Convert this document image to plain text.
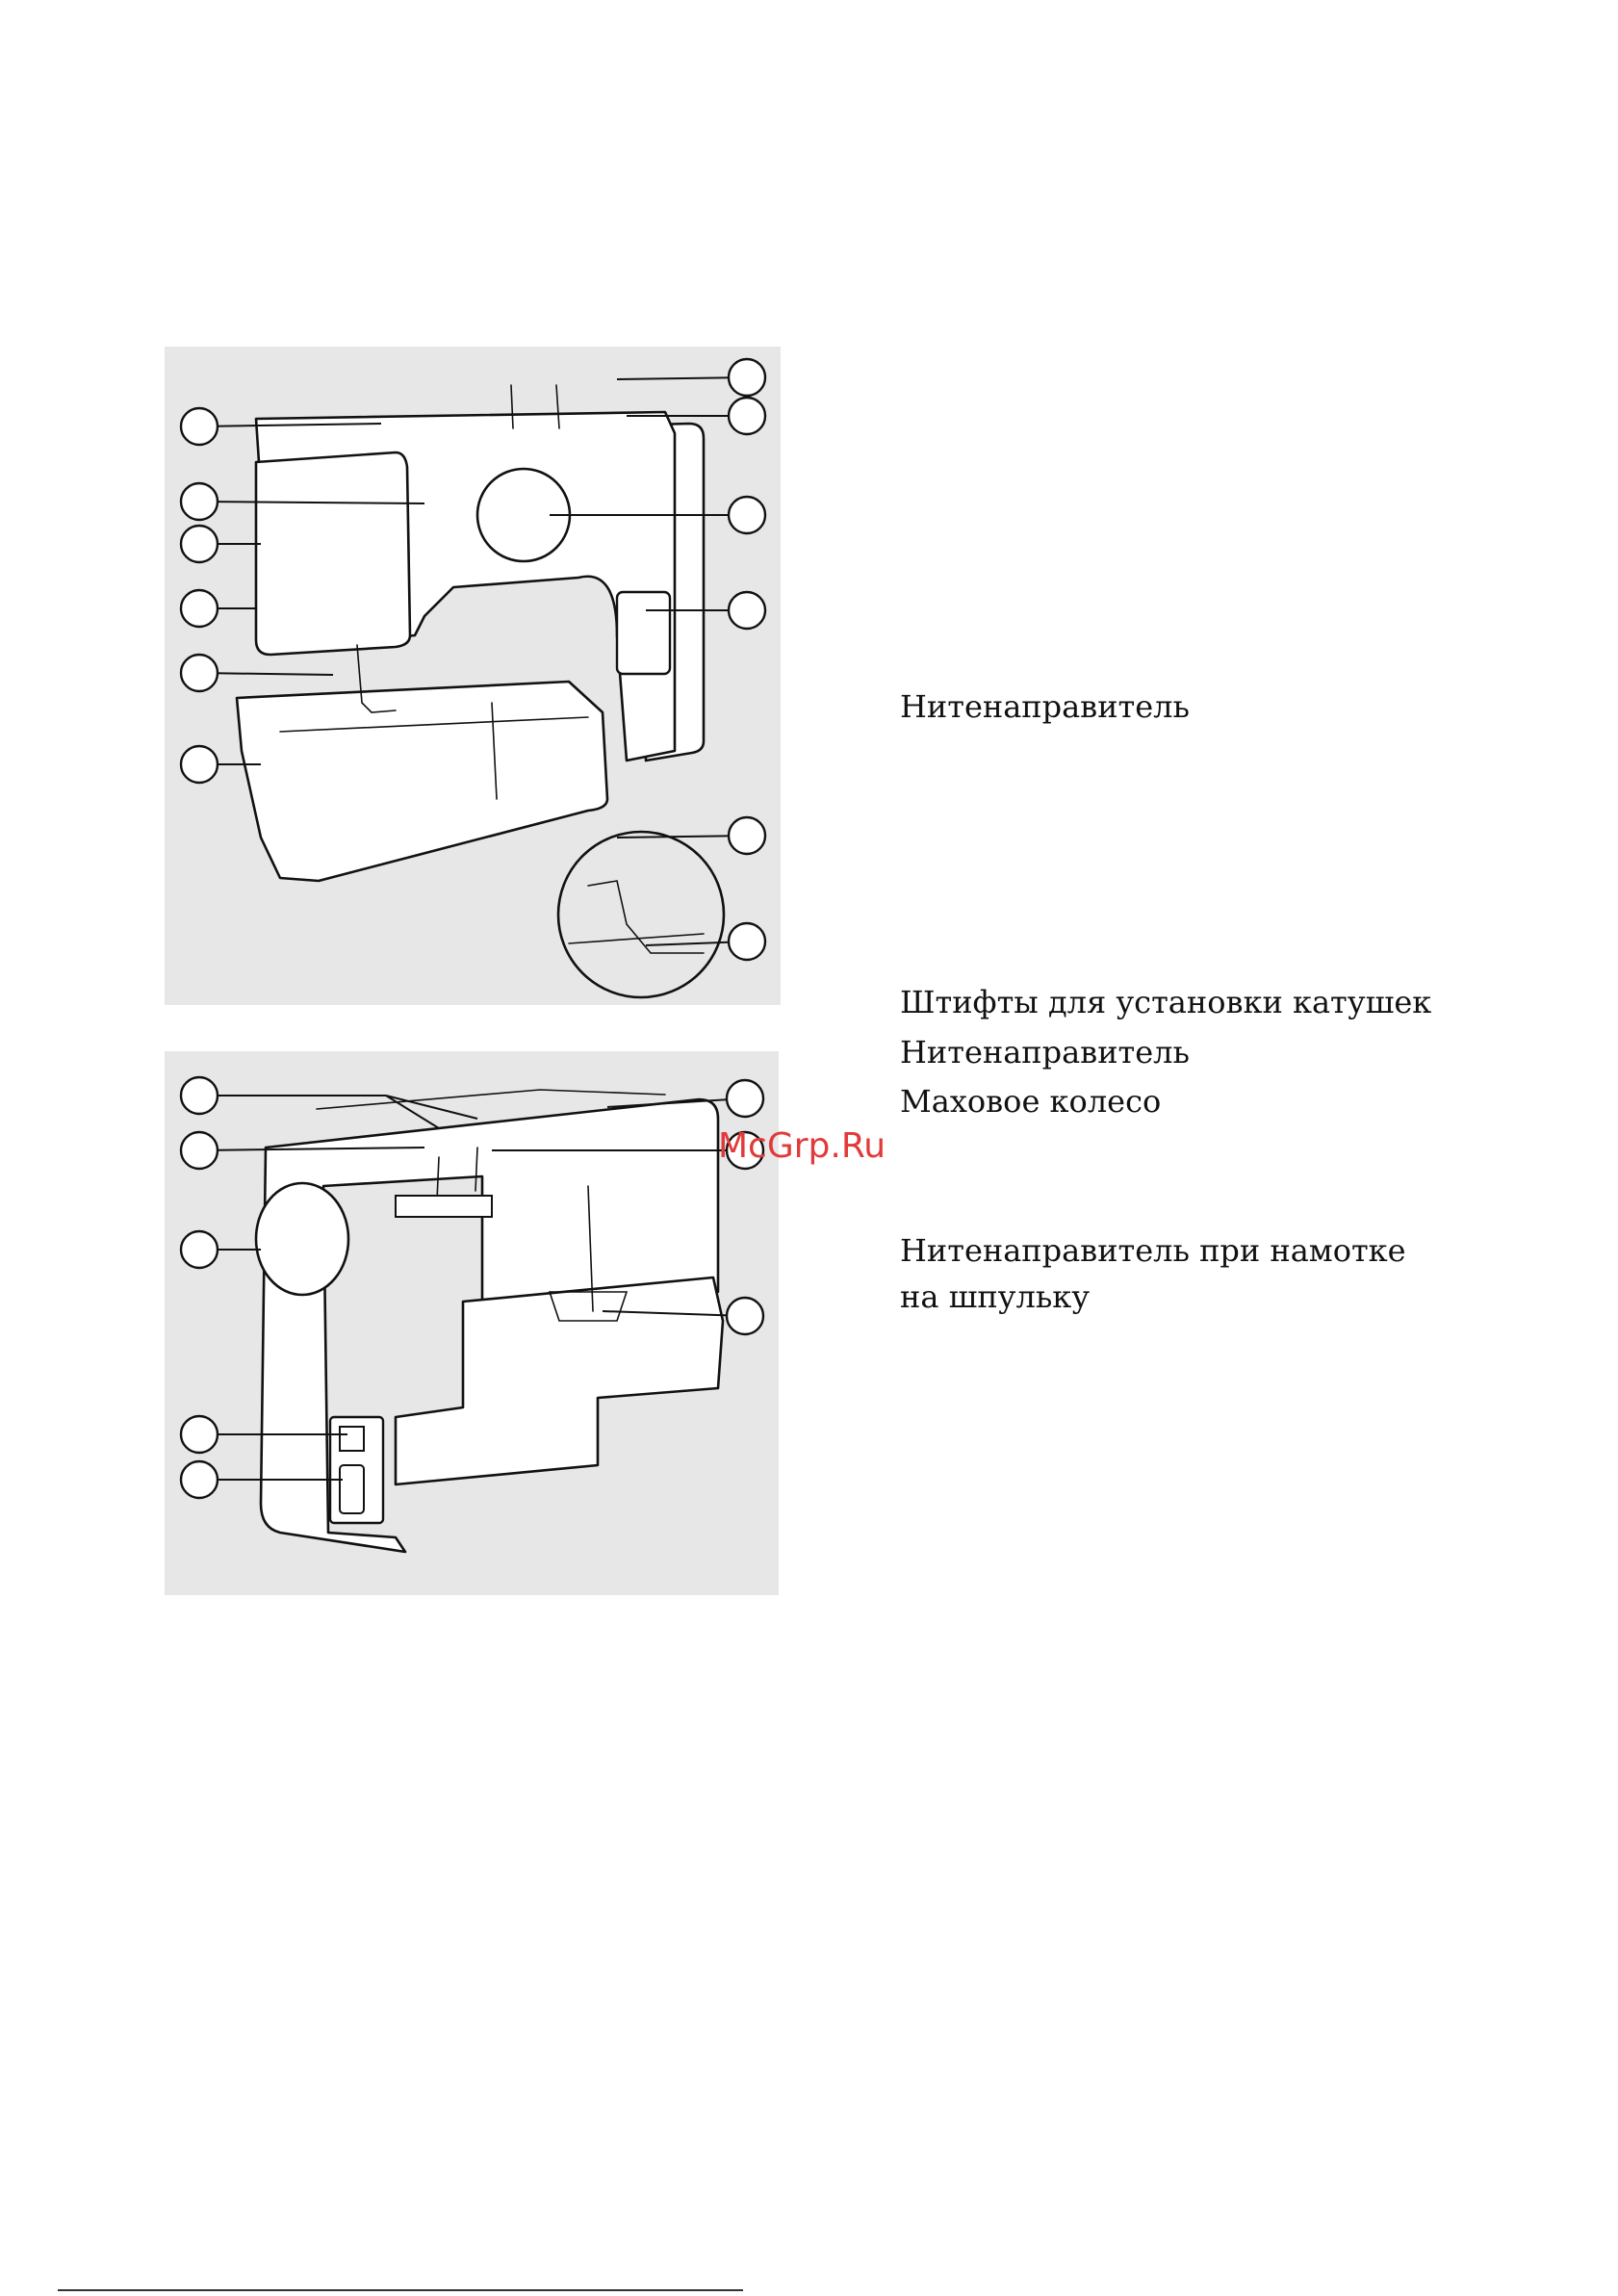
Нитенаправитель
Штифты для установки катушек
Нитенаправитель
Маховое колесо
Нитенаправитель при намотке
на шпульку
McGrp.Ru
